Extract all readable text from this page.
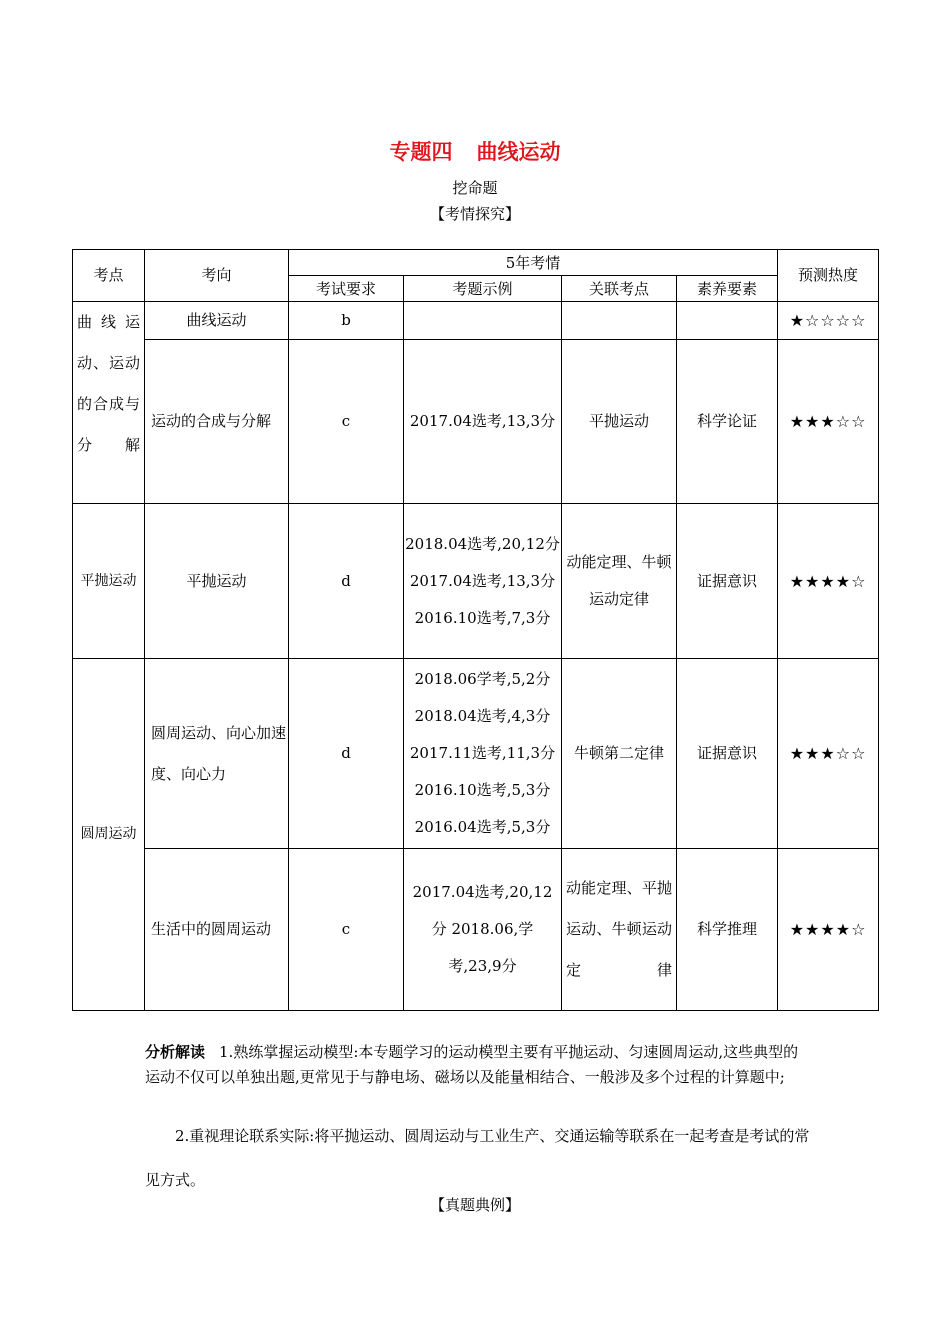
专题四 曲线运动
挖命题
【考情探究】
考点	考向	5年考情				预测热度
		考试要求	考题示例	关联考点	素养要素	
曲线运动、运动的合成与分解	曲线运动	b				★☆☆☆☆
	运动的合成与分解	c	2017.04选考,13,3分	平抛运动	科学论证	★★★☆☆
平抛运动	平抛运动	d	2018.04选考,20,12分 2017.04选考,13,3分 2016.10选考,7,3分	动能定理、牛顿运动定律	证据意识	★★★★☆
圆周运动	圆周运动、向心加速度、向心力	d	2018.06学考,5,2分 2018.04选考,4,3分 2017.11选考,11,3分 2016.10选考,5,3分 2016.04选考,5,3分	牛顿第二定律	证据意识	★★★☆☆
	生活中的圆周运动	c	2017.04选考,20,12分 2018.06,学考,23,9分	动能定理、平抛运动、牛顿运动定律	科学推理	★★★★☆
分析解读 1.熟练掌握运动模型:本专题学习的运动模型主要有平抛运动、匀速圆周运动,这些典型的运动不仅可以单独出题,更常见于与静电场、磁场以及能量相结合、一般涉及多个过程的计算题中;
2.重视理论联系实际:将平抛运动、圆周运动与工业生产、交通运输等联系在一起考查是考试的常见方式。
【真题典例】
